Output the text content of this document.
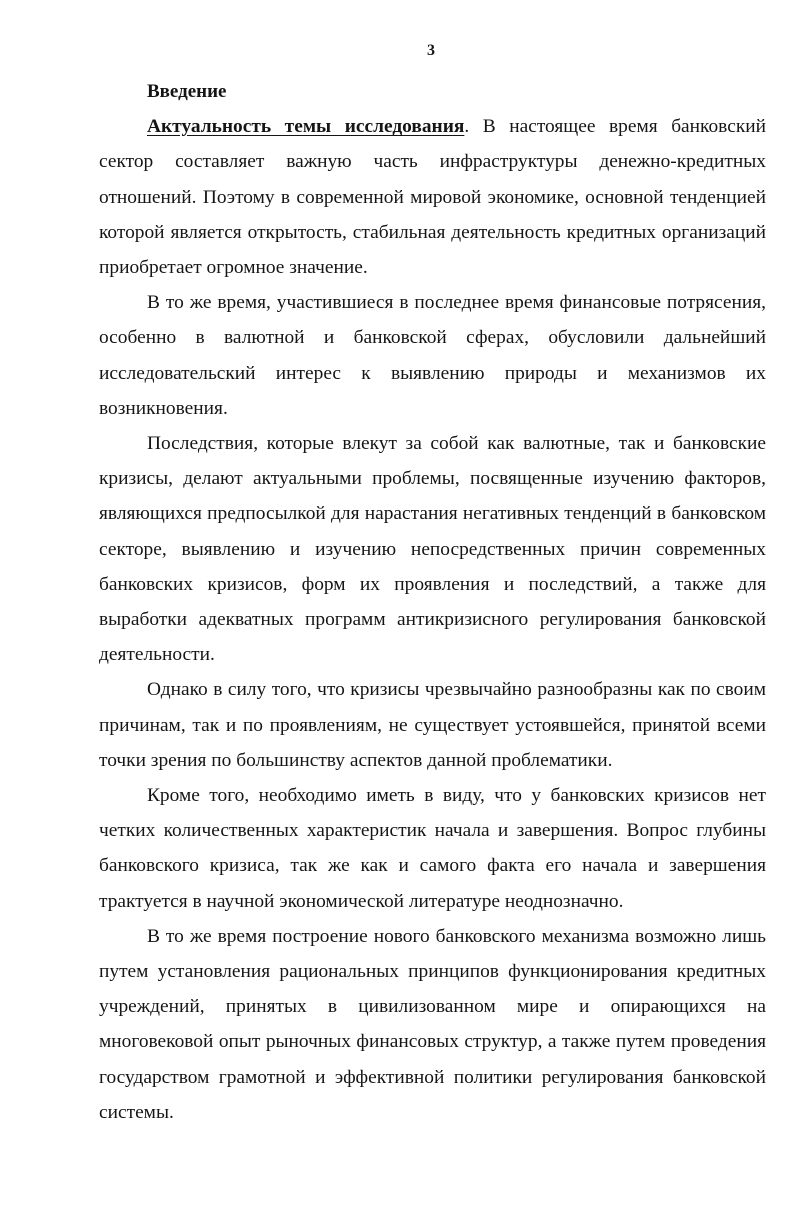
3
Введение

Актуальность темы исследования. В настоящее время банковский сектор составляет важную часть инфраструктуры денежно-кредитных отношений. Поэтому в современной мировой экономике, основной тенденцией которой является открытость, стабильная деятельность кредитных организаций приобретает огромное значение.

В то же время, участившиеся в последнее время финансовые потрясения, особенно в валютной и банковской сферах, обусловили дальнейший исследовательский интерес к выявлению природы и механизмов их возникновения.

Последствия, которые влекут за собой как валютные, так и банковские кризисы, делают актуальными проблемы, посвященные изучению факторов, являющихся предпосылкой для нарастания негативных тенденций в банковском секторе, выявлению и изучению непосредственных причин современных банковских кризисов, форм их проявления и последствий, а также для выработки адекватных программ антикризисного регулирования банковской деятельности.

Однако в силу того, что кризисы чрезвычайно разнообразны как по своим причинам, так и по проявлениям, не существует устоявшейся, принятой всеми точки зрения по большинству аспектов данной проблематики.

Кроме того, необходимо иметь в виду, что у банковских кризисов нет четких количественных характеристик начала и завершения. Вопрос глубины банковского кризиса, так же как и самого факта его начала и завершения трактуется в научной экономической литературе неоднозначно.

В то же время построение нового банковского механизма возможно лишь путем установления рациональных принципов функционирования кредитных учреждений, принятых в цивилизованном мире и опирающихся на многовековой опыт рыночных финансовых структур, а также путем проведения государством грамотной и эффективной политики регулирования банковской системы.
